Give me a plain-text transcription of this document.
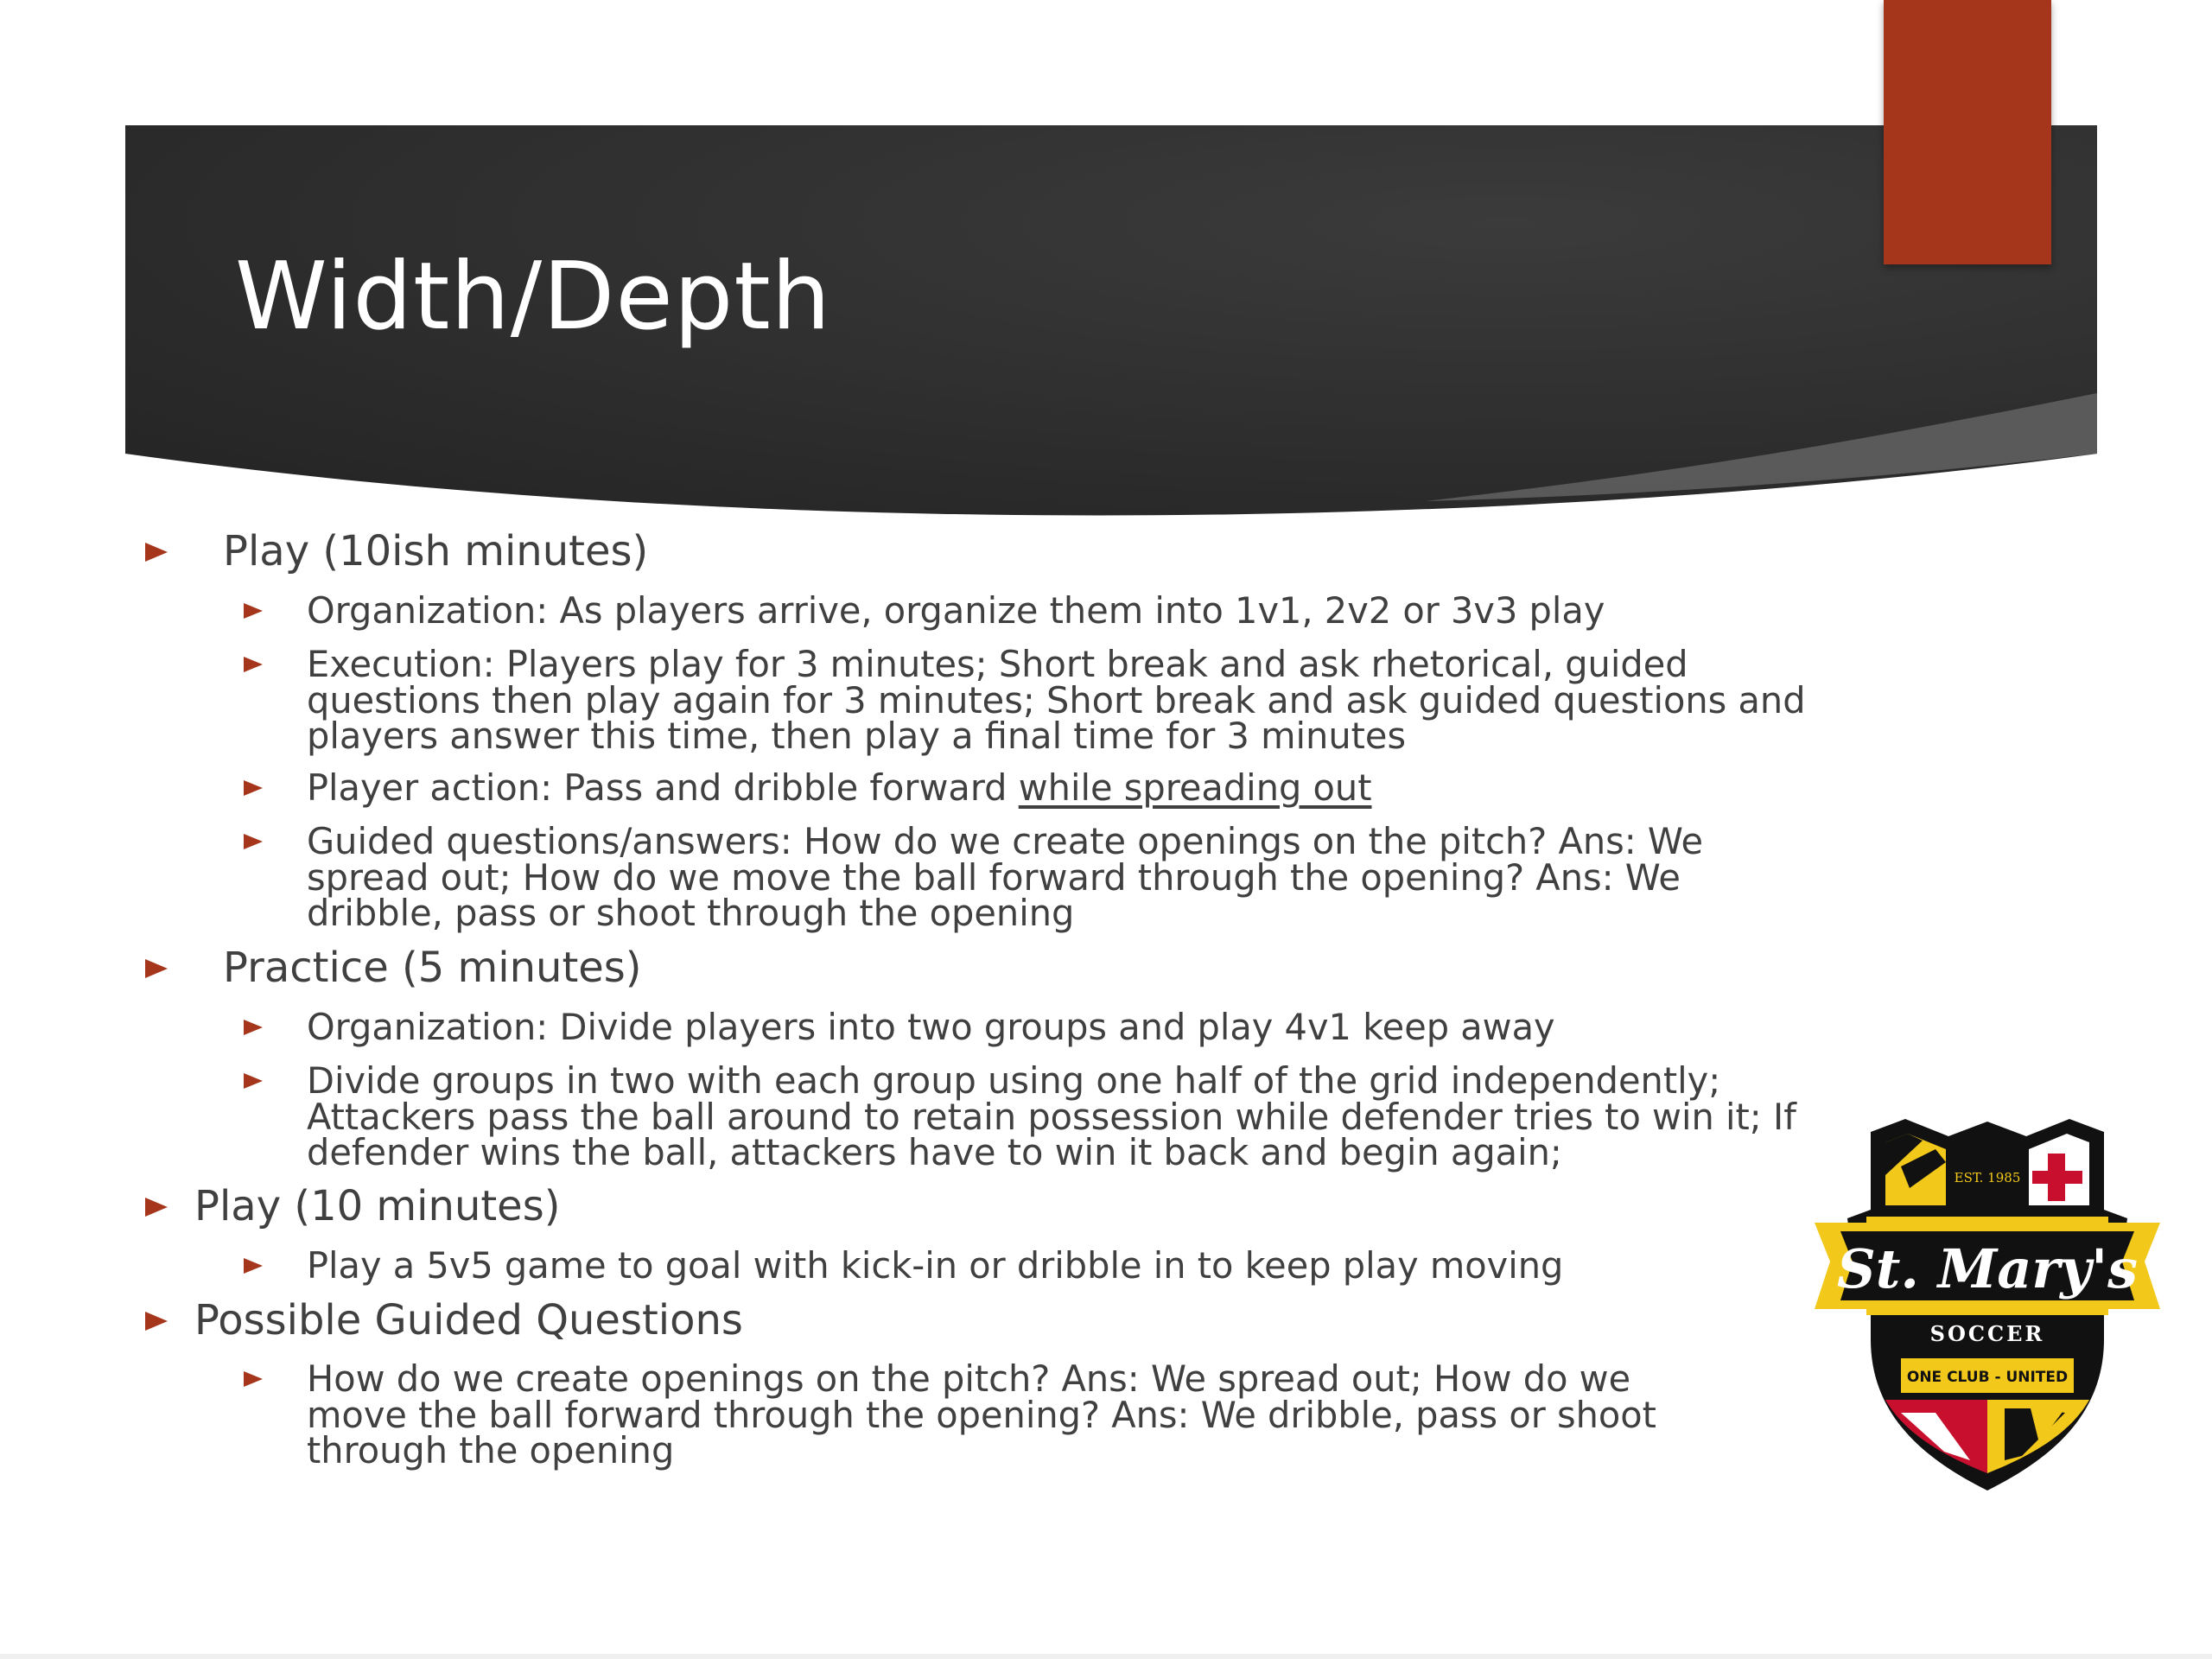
Width/Depth
Play (10ish minutes)
Organization: As players arrive, organize them into 1v1, 2v2 or 3v3 play
Execution: Players play for 3 minutes; Short break and ask rhetorical, guided
questions then play again for 3 minutes; Short break and ask guided questions and
players answer this time, then play a final time for 3 minutes
Player action: Pass and dribble forward while spreading out
Guided questions/answers: How do we create openings on the pitch? Ans: We
spread out; How do we move the ball forward through the opening? Ans: We
dribble, pass or shoot through the opening
Practice (5 minutes)
Organization: Divide players into two groups and play 4v1 keep away
Divide groups in two with each group using one half of the grid independently;
Attackers pass the ball around to retain possession while defender tries to win it; If
defender wins the ball, attackers have to win it back and begin again;
Play (10 minutes)
Play a 5v5 game to goal with kick-in or dribble in to keep play moving
Possible Guided Questions
How do we create openings on the pitch? Ans: We spread out; How do we
move the ball forward through the opening? Ans: We dribble, pass or shoot
through the opening
EST. 1985
St. Mary's
SOCCER
ONE CLUB - UNITED
